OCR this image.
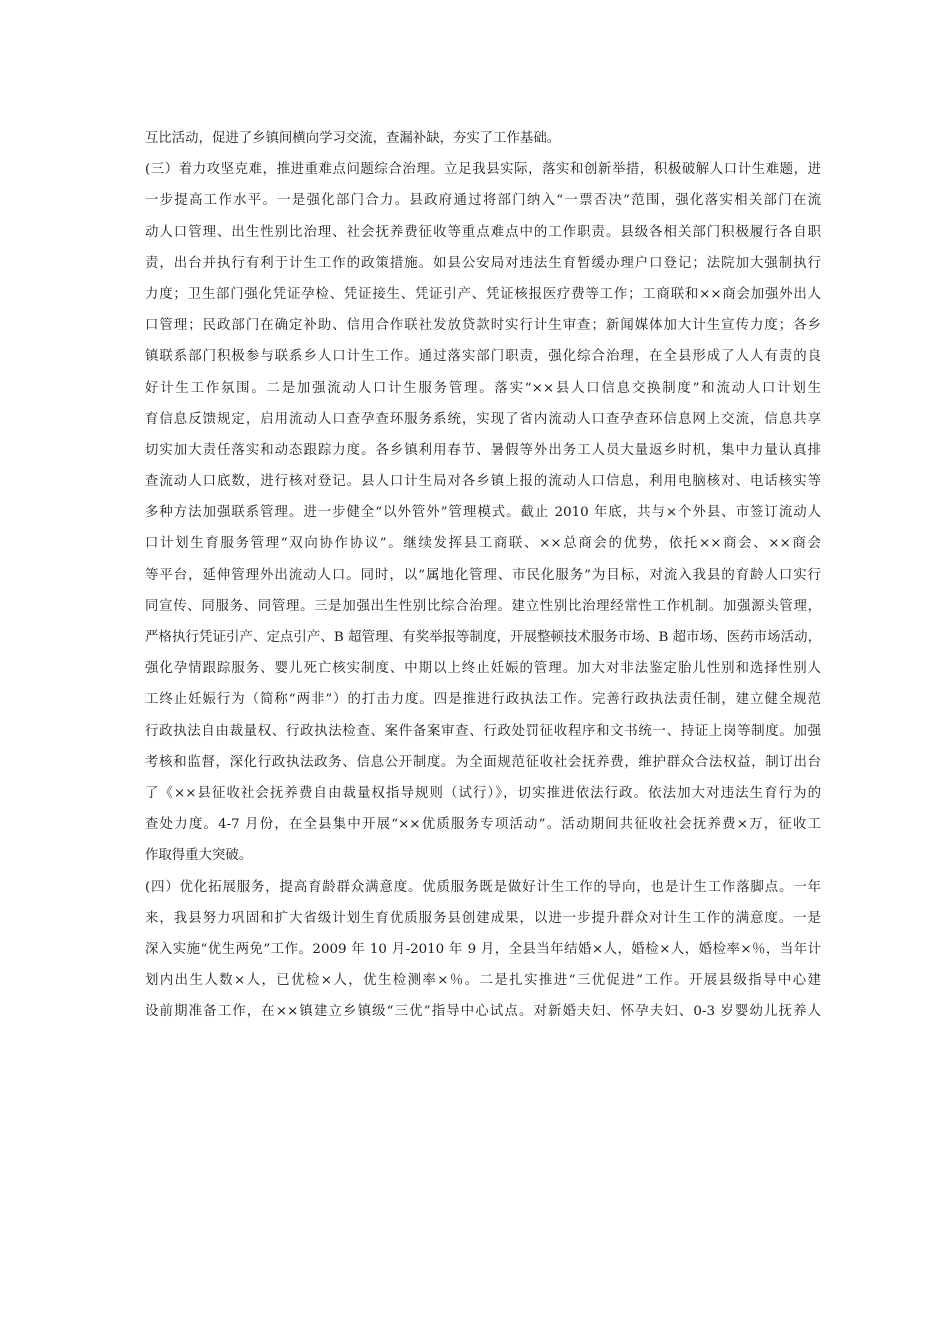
互比活动，促进了乡镇间横向学习交流，查漏补缺，夯实了工作基础。
(三）着力攻坚克难，推进重难点问题综合治理。立足我县实际，落实和创新举措，积极破解人口计生难题，进
一步提高工作水平。一是强化部门合力。县政府通过将部门纳入“一票否决”范围，强化落实相关部门在流
动人口管理、出生性别比治理、社会抚养费征收等重点难点中的工作职责。县级各相关部门积极履行各自职
责，出台并执行有利于计生工作的政策措施。如县公安局对违法生育暂缓办理户口登记；法院加大强制执行
力度；卫生部门强化凭证孕检、凭证接生、凭证引产、凭证核报医疗费等工作；工商联和××商会加强外出人
口管理；民政部门在确定补助、信用合作联社发放贷款时实行计生审查；新闻媒体加大计生宣传力度；各乡
镇联系部门积极参与联系乡人口计生工作。通过落实部门职责，强化综合治理，在全县形成了人人有责的良
好计生工作氛围。二是加强流动人口计生服务管理。落实“××县人口信息交换制度”和流动人口计划生
育信息反馈规定，启用流动人口查孕查环服务系统，实现了省内流动人口查孕查环信息网上交流，信息共享
切实加大责任落实和动态跟踪力度。各乡镇利用春节、暑假等外出务工人员大量返乡时机，集中力量认真排
查流动人口底数，进行核对登记。县人口计生局对各乡镇上报的流动人口信息，利用电脑核对、电话核实等
多种方法加强联系管理。进一步健全“以外管外”管理模式。截止 2010 年底，共与×个外县、市签订流动人
口计划生育服务管理“双向协作协议”。继续发挥县工商联、××总商会的优势，依托××商会、××商会
等平台，延伸管理外出流动人口。同时，以“属地化管理、市民化服务”为目标，对流入我县的育龄人口实行
同宣传、同服务、同管理。三是加强出生性别比综合治理。建立性别比治理经常性工作机制。加强源头管理，
严格执行凭证引产、定点引产、B 超管理、有奖举报等制度，开展整顿技术服务市场、B 超市场、医药市场活动，
强化孕情跟踪服务、婴儿死亡核实制度、中期以上终止妊娠的管理。加大对非法鉴定胎儿性别和选择性别人
工终止妊娠行为（简称“两非”）的打击力度。四是推进行政执法工作。完善行政执法责任制，建立健全规范
行政执法自由裁量权、行政执法检查、案件备案审查、行政处罚征收程序和文书统一、持证上岗等制度。加强
考核和监督，深化行政执法政务、信息公开制度。为全面规范征收社会抚养费，维护群众合法权益，制订出台
了《××县征收社会抚养费自由裁量权指导规则（试行）》，切实推进依法行政。依法加大对违法生育行为的
查处力度。4-7 月份，在全县集中开展“××优质服务专项活动”。活动期间共征收社会抚养费×万，征收工
作取得重大突破。
(四）优化拓展服务，提高育龄群众满意度。优质服务既是做好计生工作的导向，也是计生工作落脚点。一年
来，我县努力巩固和扩大省级计划生育优质服务县创建成果，以进一步提升群众对计生工作的满意度。一是
深入实施“优生两免”工作。2009 年 10 月-2010 年 9 月，全县当年结婚×人，婚检×人，婚检率×％，当年计
划内出生人数×人，已优检×人，优生检测率×％。二是扎实推进“三优促进”工作。开展县级指导中心建
设前期准备工作，在××镇建立乡镇级“三优”指导中心试点。对新婚夫妇、怀孕夫妇、0-3 岁婴幼儿抚养人
